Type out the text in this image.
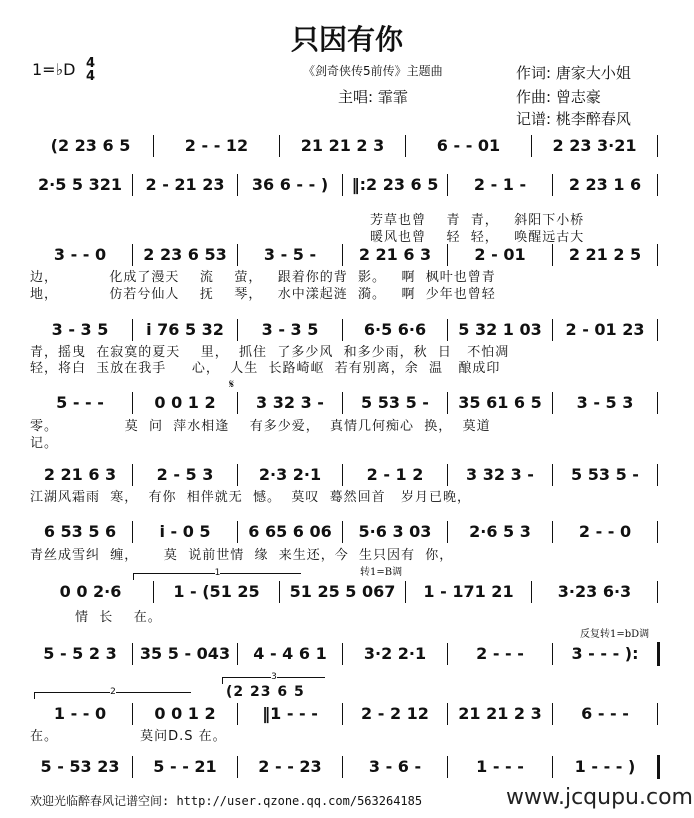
只因有你
1=♭D 4
4	《剑奇侠传5前传》主题曲
主唱: 霏霏
作词: 唐家大小姐
作曲: 曾志豪
记谱: 桃李醉春风
(2 23 6 5	2 - - 12	21 21 2 3	6 - - 01	2 23 3·21
2·5 5 321	2 - 21 23	36 6 - - )	‖:2 23 6 5	2 - 1 -	2 23 1 6
3 - - 0	2 23 6 53	3 - 5 -	2 21 6 3	2 - 01	2 21 2 5
3 - 3 5	i 76 5 32	3 - 3 5	6·5 6·6	5 32 1 03	2 - 01 23
5 - - -	0 0 1 2	3 32 3 -	5 53 5 -	35 61 6 5	3 - 5 3
2 21 6 3	2 - 5 3	2·3 2·1	2 - 1 2	3 32 3 -	5 53 5 -
6 53 5 6	i - 0 5	6 65 6 06	5·6 3 03	2·6 5 3	2 - - 0
0 0 2·6	1 - (51 25	51 25 5 067	1 - 171 21	3·23 6·3
5 - 5 2 3	35 5 - 043	4 - 4 6 1	3·2 2·1	2 - - -	3 - - - ):
1 - - 0	0 0 1 2	‖1 - - -	2 - 2 12	21 21 2 3	6 - - -
5 - 53 23	5 - - 21	2 - - 23	3 - 6 -	1 - - -	1 - - - )
芳草也曾    青  青，   斜阳下小桥
暖风也曾    轻  轻，   唤醒远古大
边，          化成了漫天    流    萤，   跟着你的背  影。   啊  枫叶也曾青
地，          仿若兮仙人    抚    琴，   水中漾起涟  漪。   啊  少年也曾轻
青，摇曳  在寂寞的夏天    里，  抓住  了多少风  和多少雨，秋  日   不怕凋
轻，将白  玉放在我手     心，  人生  长路崎岖  若有别离，余  温   酿成印
零。             莫  问  萍水相逢    有多少爱，  真情几何痴心  换，  莫道
记。
江湖风霜雨  寒，  有你  相伴就无  憾。  莫叹  蓦然回首   岁月已晚，
青丝成雪纠  缠，     莫  说前世情  缘  来生还，今  生只因有  你，
情  长    在。
在。                莫问D.S 在。
转1=B调
反复转1=bD调
𝄋
1
2
3
(2 23 6 5
欢迎光临醉春风记谱空间: http://user.qzone.qq.com/563264185	www.jcqupu.com
